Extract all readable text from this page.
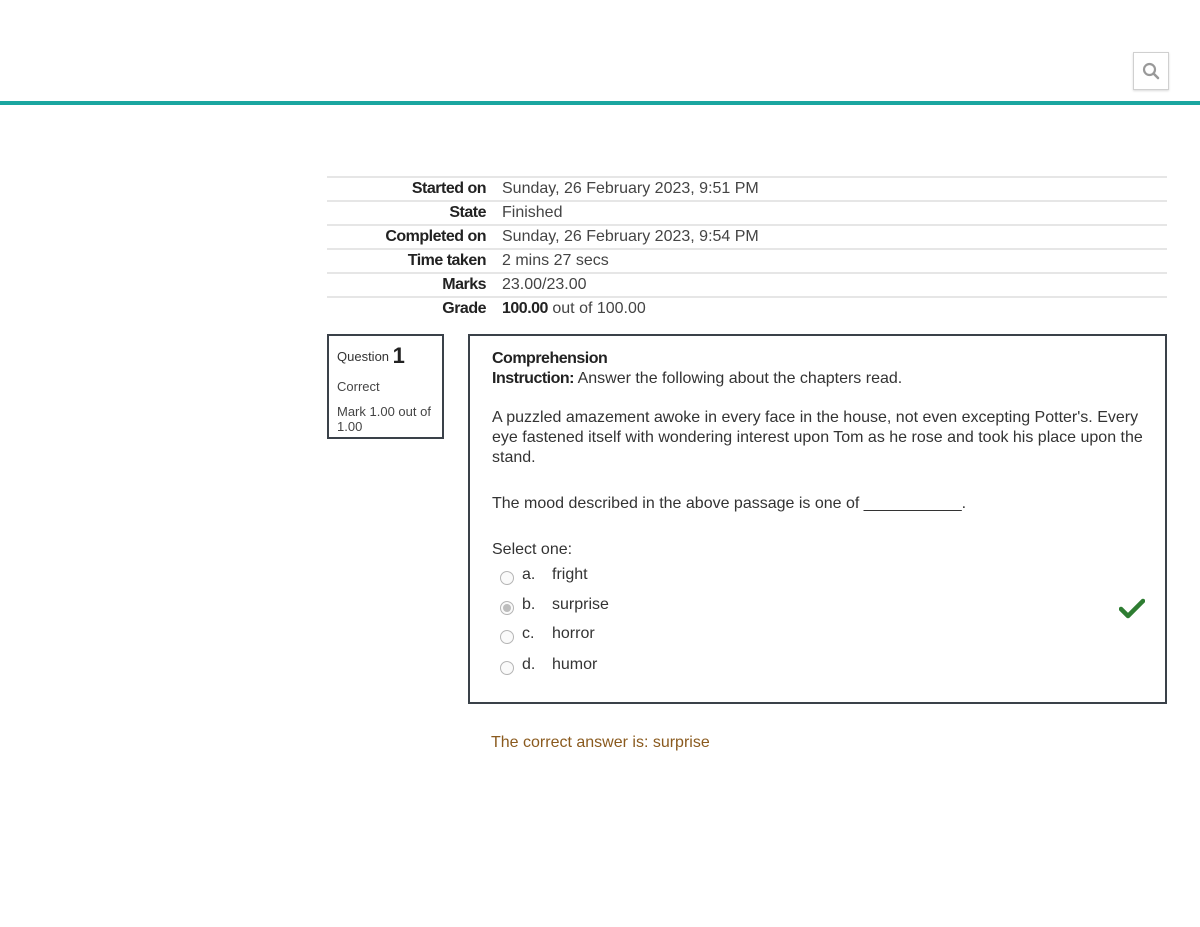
Started on	Sunday, 26 February 2023, 9:51 PM
State	Finished
Completed on	Sunday, 26 February 2023, 9:54 PM
Time taken	2 mins 27 secs
Marks	23.00/23.00
Grade	100.00 out of 100.00
Question 1
Correct
Mark 1.00 out of 1.00
Comprehension
Instruction: Answer the following about the chapters read.
A puzzled amazement awoke in every face in the house, not even excepting Potter's. Every eye fastened itself with wondering interest upon Tom as he rose and took his place upon the stand.
The mood described in the above passage is one of ___________.
Select one:
a.	fright
b.	surprise
c.	horror
d.	humor
The correct answer is: surprise
